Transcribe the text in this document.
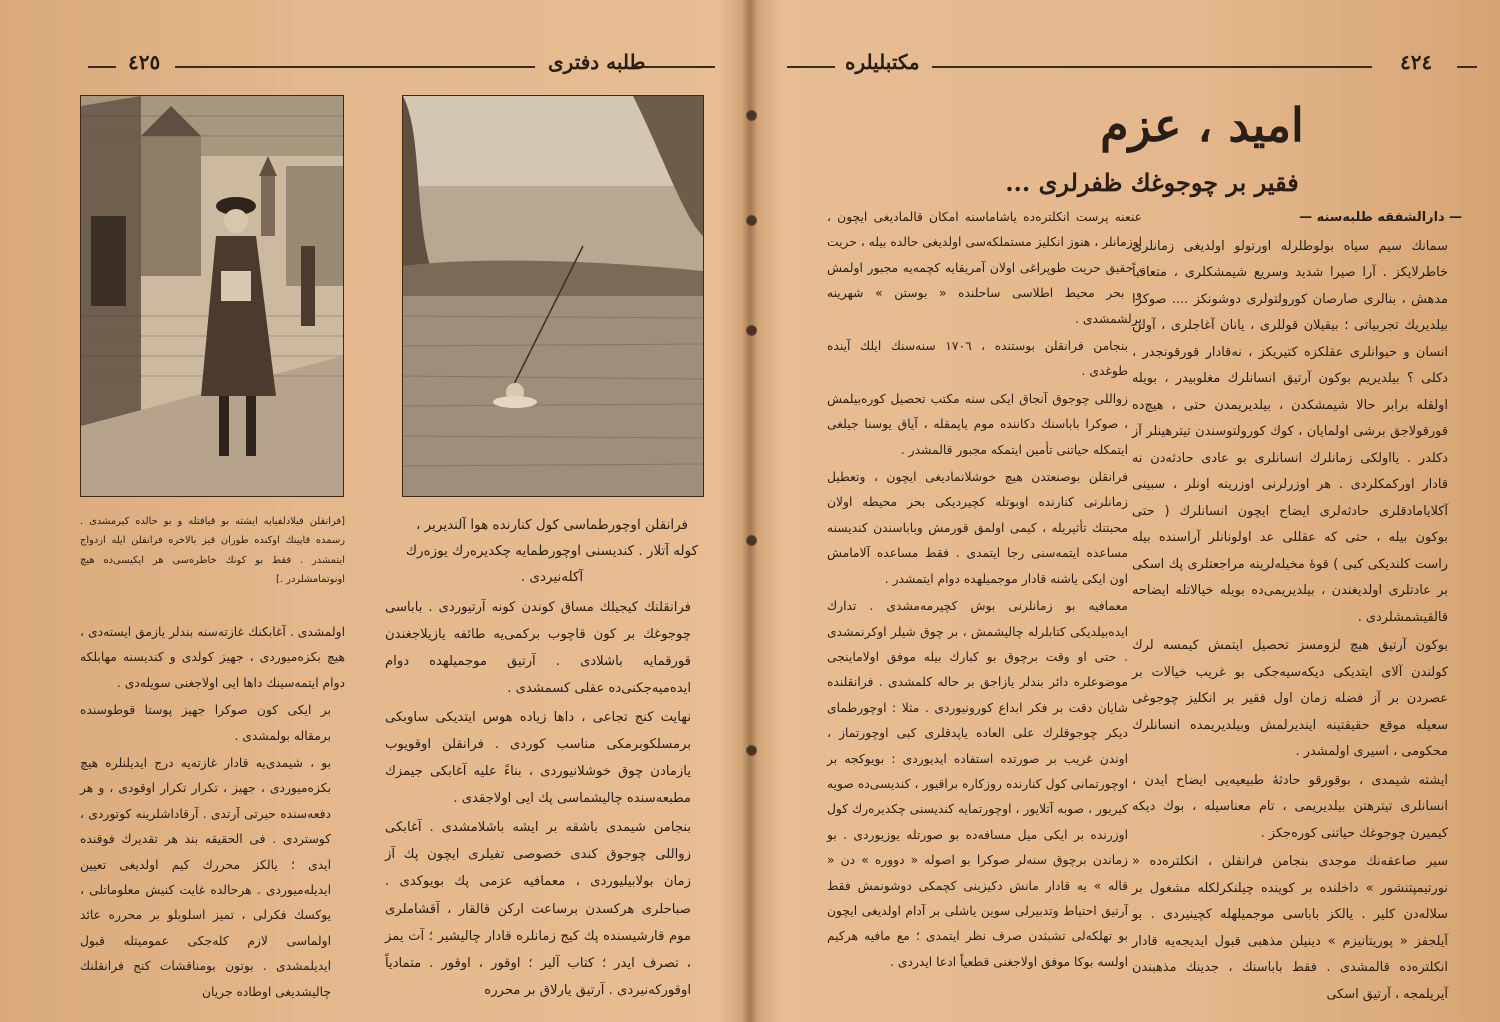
٤٢٥	طلبه دفتری
[فرانقلن فیلادلفیایه ایشته بو قیافتله و بو حالده کیرمشدی . رسمده قاپینك اوکنده طوران قیز بالاخره فرانقلن ایله ازدواج ایتمشدر . فقط بو کونك خاطره‌سی هر ایکیسی‌ده هیچ اونوتمامشلردر .]
فرانقلن اوچورطماسی کول کنارنده هوا آلندیریر ، کوله آتلار . کندیسنی اوچورطمایه چکدیره‌رك یوزه‌رك آکله‌نیردی .

اولمشدی . آغابکنك غازته‌سنه بندلر یازمق ایسته‌دی ، هیچ بکزه‌میوردی ، جهیز کولدی و کندیسنه مهابلکه دوام ایتمه‌سینك داها ایی اولاجغنی سویله‌دی .

بر ایکی کون صوکرا جهیز پوستا قوطوسنده برمقاله بولمشدی .

بو ، شیمدی‌یه قادار غازته‌یه درج ایدیلنلره هیچ بکزه‌میوردی ، جهیز ، تکرار تکرار اوقودی ، و هر دفعه‌سنده حیرتی آرتدی . آرقاداشلرینه کوتوردی ، کوستردی . فی الحقیقه بند هر تقدیرك فوقنده ایدی ؛ یالکز محررك کیم اولدیغی تعیین ایدیله‌میوردی . هرحالده غایت کنیش معلوماتلی ، یوکسك فکرلی ، تمیز اسلوبلو بر محرره عائد اولماسی لازم کله‌جکی عمومیتله قبول ایدیلمشدی . بوتون بومناقشات کنج فرانقلنك چالیشدیغی اوطاده جریان

فرانقلنك کیجیلك مساق کوندن کونه آرتیوردی . باباسی چوجوغك بر کون قاچوب برکمی‌یه طائفه یازیلاجغندن قورقمایه باشلادی . آرتیق موجمیلهده دوام ایده‌میه‌جکنی‌ده عقلی کسمشدی .

نهایت کنج تجاعی ، داها زیاده هوس ایتدیکی ساوبکی برمسلکوبرمکی مناسب کوردی . فرانقلن اوقویوب یازمادن چوق خوشلانیوردی ، بناءً علیه آغابکی جیمزك مطبعه‌سنده چالیشماسی پك ایی اولاجقدی .

بنجامن شیمدی باشقه بر ایشه باشلامشدی . آغابکی زواللی چوجوق کندی خصوصی تفیلری ایچون پك آز زمان بولابیلیوردی ، معمافیه عزمی پك بویوکدی . صباحلری هرکسدن برساعت ارکن قالقار ، آقشاملری موم قارشیسنده پك کیج زمانلره قادار چالیشیر ؛ آت یمز ، تصرف ایدر ؛ کتاب آلیر ؛ اوقور ، اوقور . متمادیاً اوقورکه‌نیردی . آرتیق یارلاق بر محرره

٤٢٤
مکتبلیلره
امید ، عزم
فقیر بر چوجوغك ظفرلری ...

— دارالشفقه طلبه‌سنه —

سمانك سیم سیاه بولوطلرله اورتولو اولدیغی زمانلری خاطرلایکز . آرا صیرا شدید وسریع شیمشکلری ، متعاقباً مدهش ، بنالری صارصان کورولتولری دوشونکز .... صوکرا بیلدیریك تجربیاتی ؛ بیقیلان قوللری ، یانان آغاجلری ، آولن انسان و حیوانلری عقلکزه کتیریکز ، نه‌قادار قورقونجدر ، دکلی ؟ بیلدیریم بوکون آرتیق انسانلرك مغلوبیدر ، بویله اولقله برابر حالا شیمشکدن ، بیلدیریمدن حتی ، هیچ‌ده قورقولاجق برشی اولمایان ، کوك کورولتوسندن تیترهینلر آز دکلدر . یااولکی زمانلرك انسانلری بو عادی حادثه‌دن نه قادار اورکمکلردی . هر اوزرلرنی اوزرینه اونلر ، سبینی آکلایامادقلری حادثه‌لری ایضاح ایچون انسانلرك ( حتی بوکون بیله ، حتی که عقللی عد اولونانلر آراسنده بیله راست کلندیکی کبی ) قوهٔ مخیله‌لرینه مراجعتلری پك اسکی بر عادتلری اولدیغندن ، بیلدیریمی‌ده بویله خیالاتله ایضاحه قالقیشمشلردی .

بوکون آرتیق هیچ لزومسز تحصیل ایتمش کیمسه لرك کولندن آلای ایتدیکی دیکه‌سیه‌جکی بو غریب خیالات بر عصردن بر آز فضله زمان اول فقیر بر انکلیز چوجوغی سعیله موقع حقیقتینه ایندیرلمش وبیلدیریمده انسانلرك محکومی ، اسیری اولمشدر .

ایشته شیمدی ، بوقورقو حادثهٔ طبیعیه‌یی ایضاح ایدن ، انسانلری تیترهتن بیلدیریمی ، تام معناسیله ، بوك دیکه کیمیرن چوجوغك حیاتنی کوره‌جکز .

سیر صاعقه‌نك موجدی بنجامن فرانقلن ، انکلتره‌ده « نورتیمپتنشور » داخلنده بر کوینده چیلنکرلکله مشغول بر سلاله‌دن کلیر . یالکز باباسی موجمیلهله کچینیردی . بو آیلجفز « پوریتانیزم » دینیلن مذهبی قبول ایدیجه‌یه قادار انکلتره‌ده قالمشدی . فقط باباسنك ، جدینك مذهبندن آیریلمجه ، آرتیق اسکی

عنعنه پرست انکلتره‌ده یاشاماسنه امکان قالمادیغی ایچون ، اوزمانلر ، هنوز انکلیز مستملکه‌سی اولدیغی حالده بیله ، حریت ، حقیق حریت طوپراغی اولان آمریقایه کچمه‌یه مجبور اولمش و بحر محیط اطلاسی ساحلنده « بوستن » شهرینه یرلشمشدی .

بنجامن فرانقلن بوستنده ، ١٧٠٦ سنه‌سنك ایلك آینده طوغدی .

زواللی چوجوق آنجاق ایکی سنه مکتب تحصیل کوره‌بیلمش ، صوکرا باباسنك دکاننده موم یاپمقله ، آیاق یوسنا جیلغی ایتمکله حیاتنی تأمین ایتمکه مجبور قالمشدر .

فرانقلن بوصنعتدن هیچ خوشلانمادیغی ایچون ، وتعطیل زمانلرنی کنارنده اوبوتله کچیردیکی بحر محیطه اولان محبتنك تأثیریله ، کیمی اولمق قورمش وباباسندن کندیسنه مساعده ایتمه‌سنی رجا ایتمدی . فقط مساعده آلامامش اون ایکی یاشنه قادار موجمیلهده دوام ایتمشدر .

معمافیه بو زمانلرنی بوش کچیرمه‌مشدی . تدارك ایده‌بیلدیکی کتابلرله چالیشمش ، بر چوق شیلر اوکرنمشدی . حتی او وقت برچوق بو کبارك بیله موفق اولاماینجی موضوعلره دائر بندلر یازاجق بر حاله کلمشدی . فرانقلنده شایان دقت بر فکر ابداع کورونیوردی . مثلا : اوچورطمای دیکر چوجوقلرك علی العاده یاپدقلری کبی اوچورتماز ، اوندن غریب بر صورتده استفاده ایدیوردی : بویوکجه بر اوچورتمانی کول کنارنده روزکاره براقیور ، کندیسی‌ده صویه کیریور ، صوبه آتلایور ، اوچورتمایه کندیسنی چکدیره‌رك کول اوزرنده بر ایکی میل مسافه‌ده بو صورتله یوزیوردی . بو زماندن برچوق سنه‌لر صوکرا بو اصوله « دووره » دن « قاله » یه قادار مانش دکیزینی کچمکی دوشونمش فقط آرتیق احتیاط وتدبیرلی سوین یاشلی بر آدام اولدیغی ایچون بو تهلکه‌لی تشبثدن صرف نظر ایتمدی ؛ مع مافیه هرکیم اولسه بوکا موفق اولاجغنی قطعیاً ادعا ایدردی .
